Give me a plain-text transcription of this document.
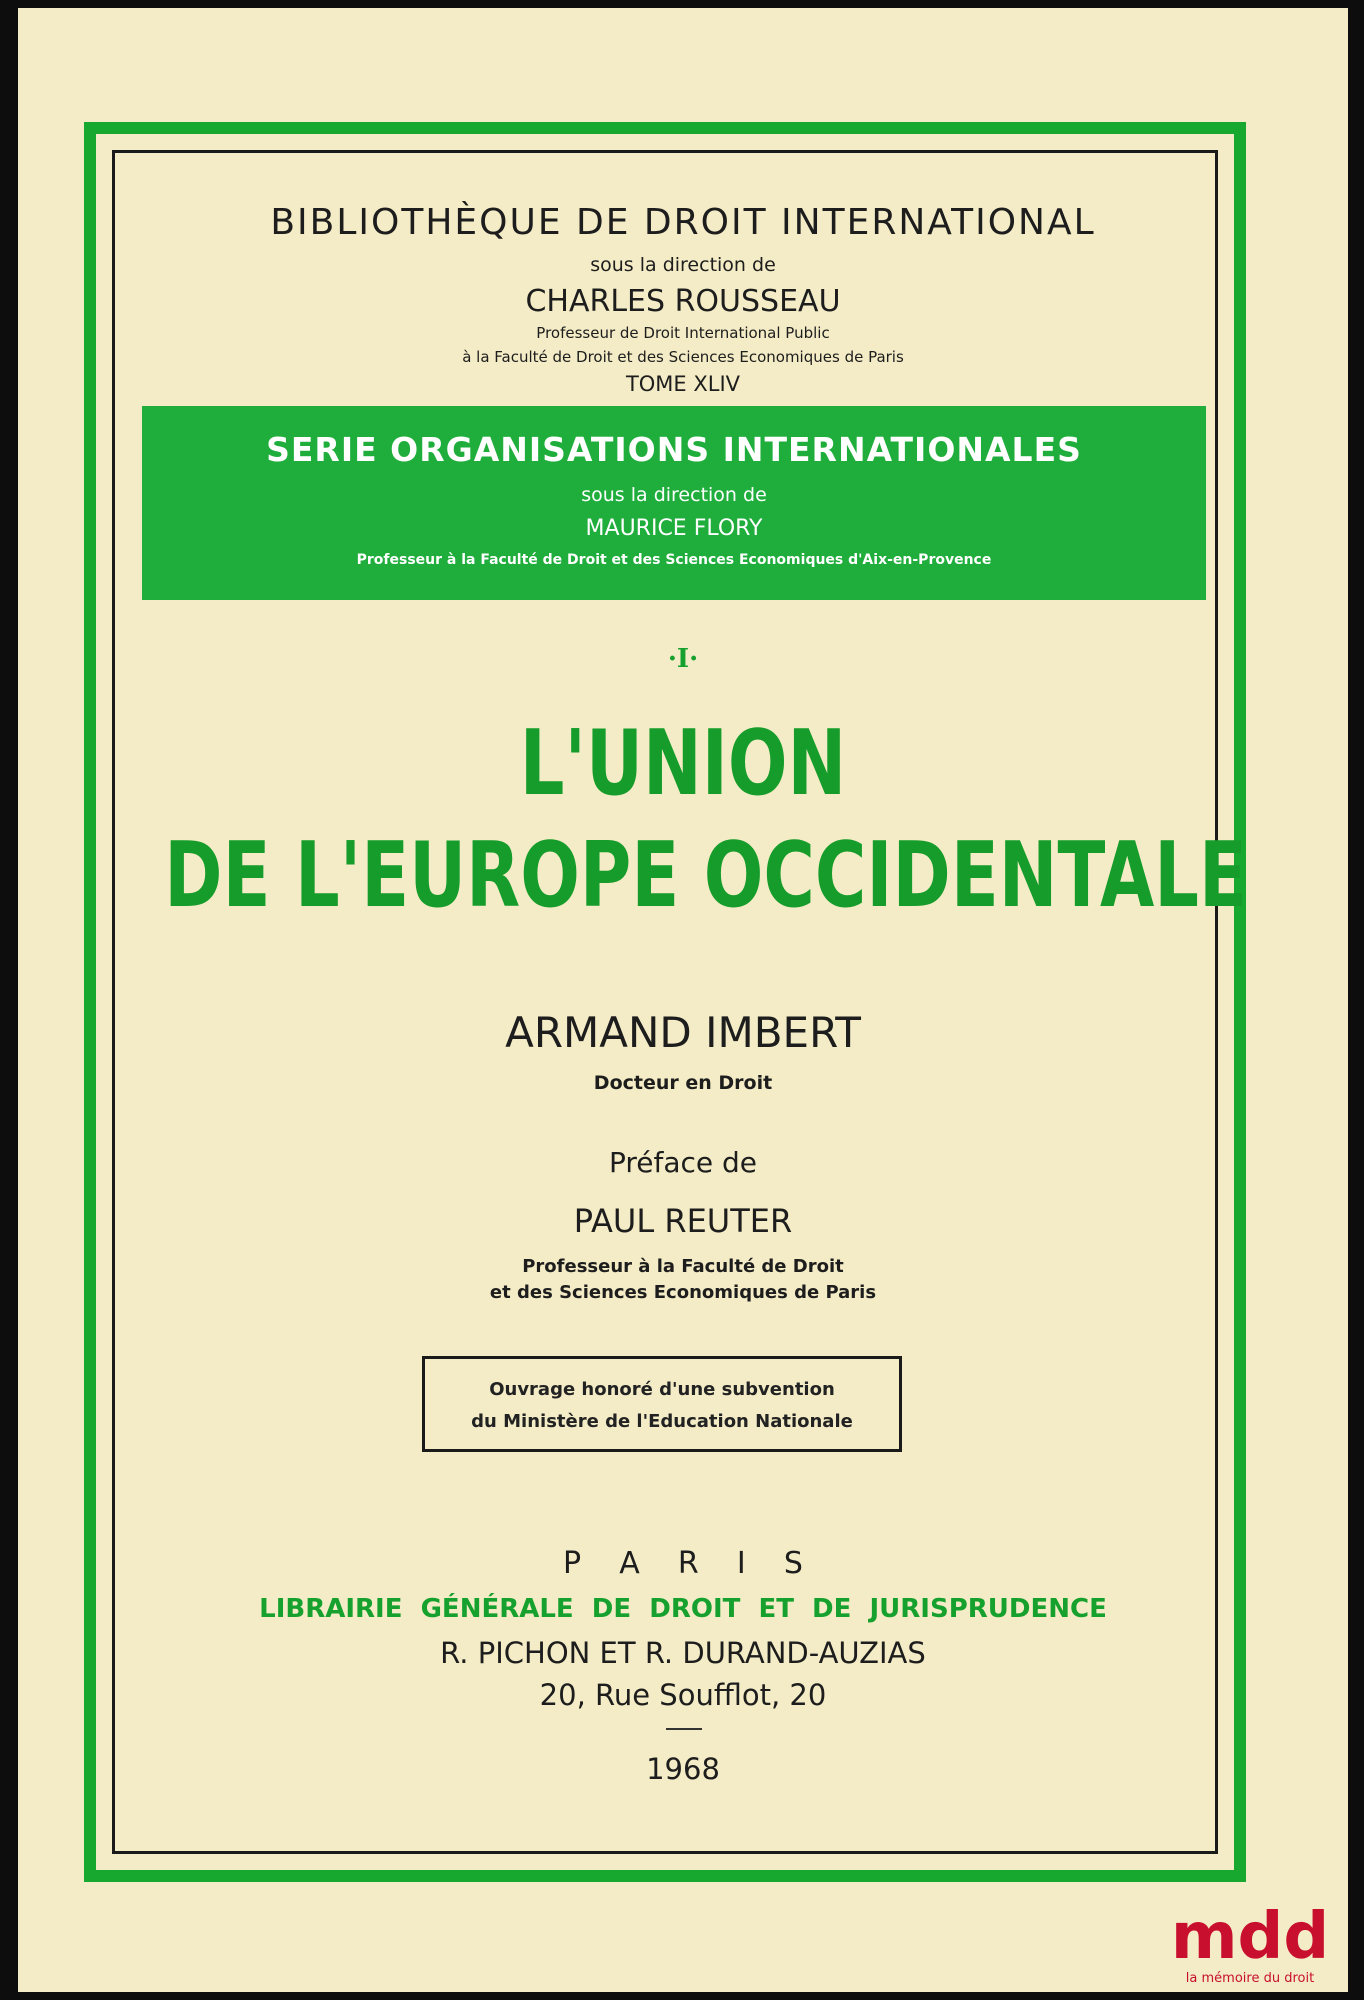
BIBLIOTHÈQUE DE DROIT INTERNATIONAL
sous la direction de
CHARLES ROUSSEAU
Professeur de Droit International Public
à la Faculté de Droit et des Sciences Economiques de Paris
TOME XLIV
SERIE ORGANISATIONS INTERNATIONALES
sous la direction de
MAURICE FLORY
Professeur à la Faculté de Droit et des Sciences Economiques d'Aix-en-Provence
·I·
L'UNION
DE L'EUROPE OCCIDENTALE
ARMAND IMBERT
Docteur en Droit
Préface de
PAUL REUTER
Professeur à la Faculté de Droit
et des Sciences Economiques de Paris
Ouvrage honoré d'une subvention
du Ministère de l'Education Nationale
P    A    R    I    S
LIBRAIRIE  GÉNÉRALE  DE  DROIT  ET  DE  JURISPRUDENCE
R. PICHON ET R. DURAND-AUZIAS
20, Rue Soufflot, 20
1968
mdd
la mémoire du droit
